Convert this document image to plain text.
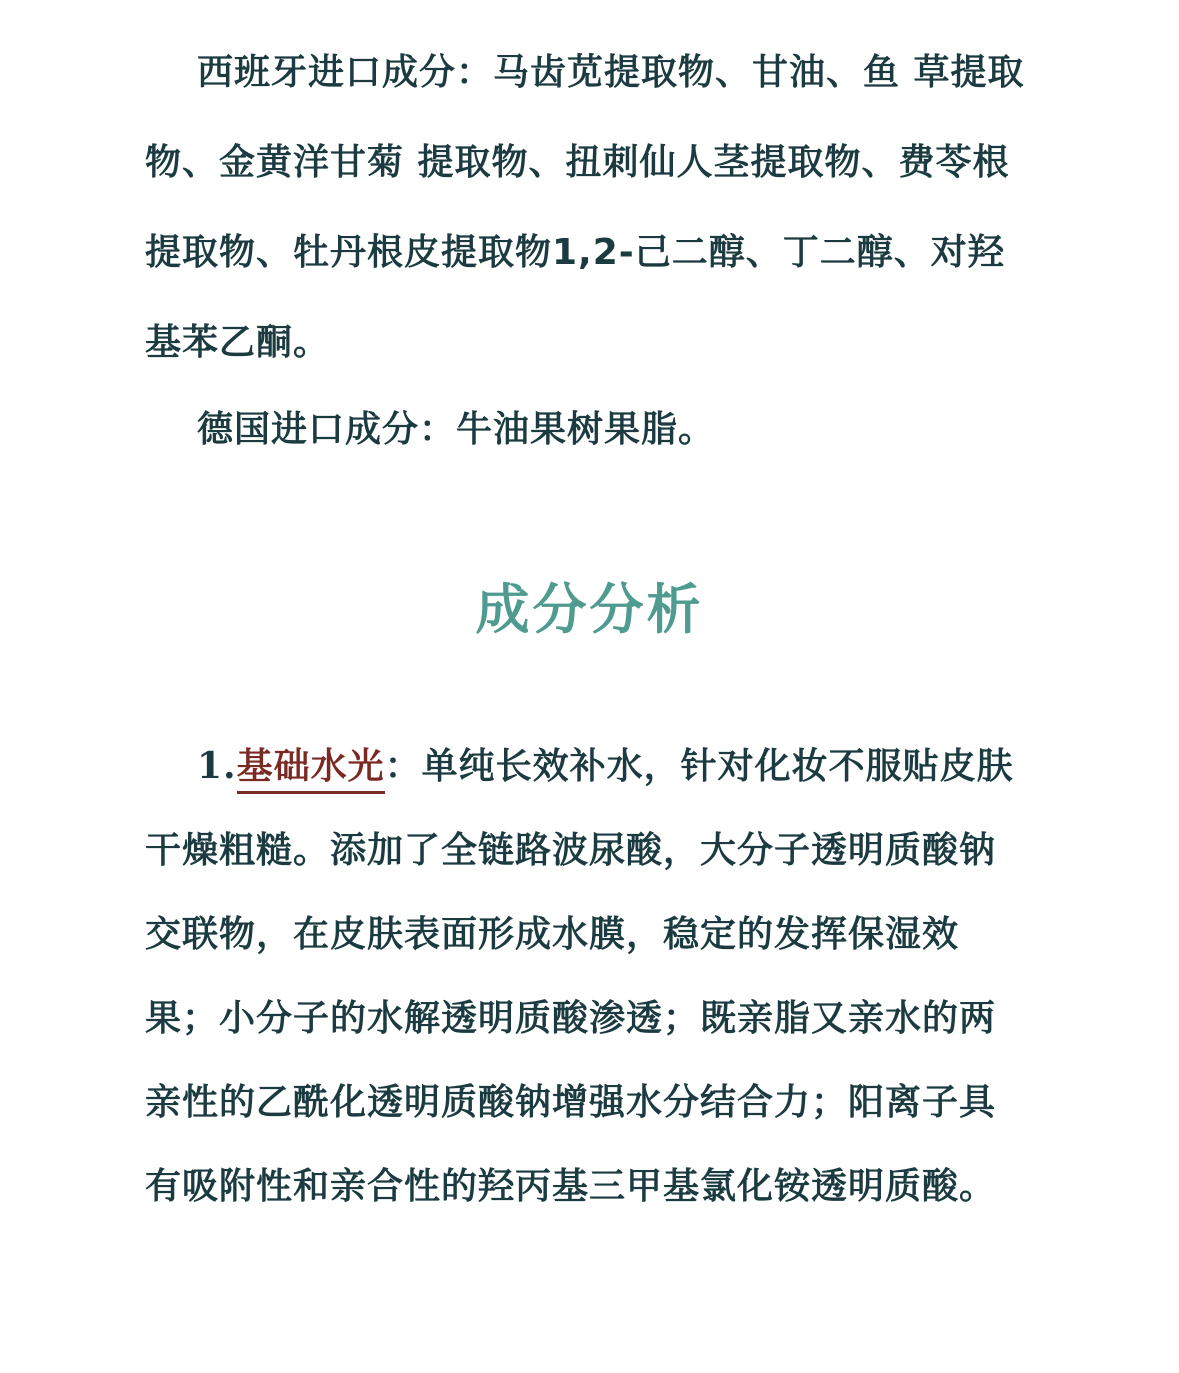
西班牙进口成分：马齿苋提取物、甘油、鱼 草提取物、金黄洋甘菊 提取物、扭刺仙人茎提取物、费苓根提取物、牡丹根皮提取物1,2-己二醇、丁二醇、对羟基苯乙酮。

德国进口成分：牛油果树果脂。

成分分析

1.基础水光：单纯长效补水，针对化妆不服贴皮肤干燥粗糙。添加了全链路波尿酸，大分子透明质酸钠交联物，在皮肤表面形成水膜，稳定的发挥保湿效果；小分子的水解透明质酸渗透；既亲脂又亲水的两亲性的乙酰化透明质酸钠增强水分结合力；阳离子具有吸附性和亲合性的羟丙基三甲基氯化铵透明质酸。
